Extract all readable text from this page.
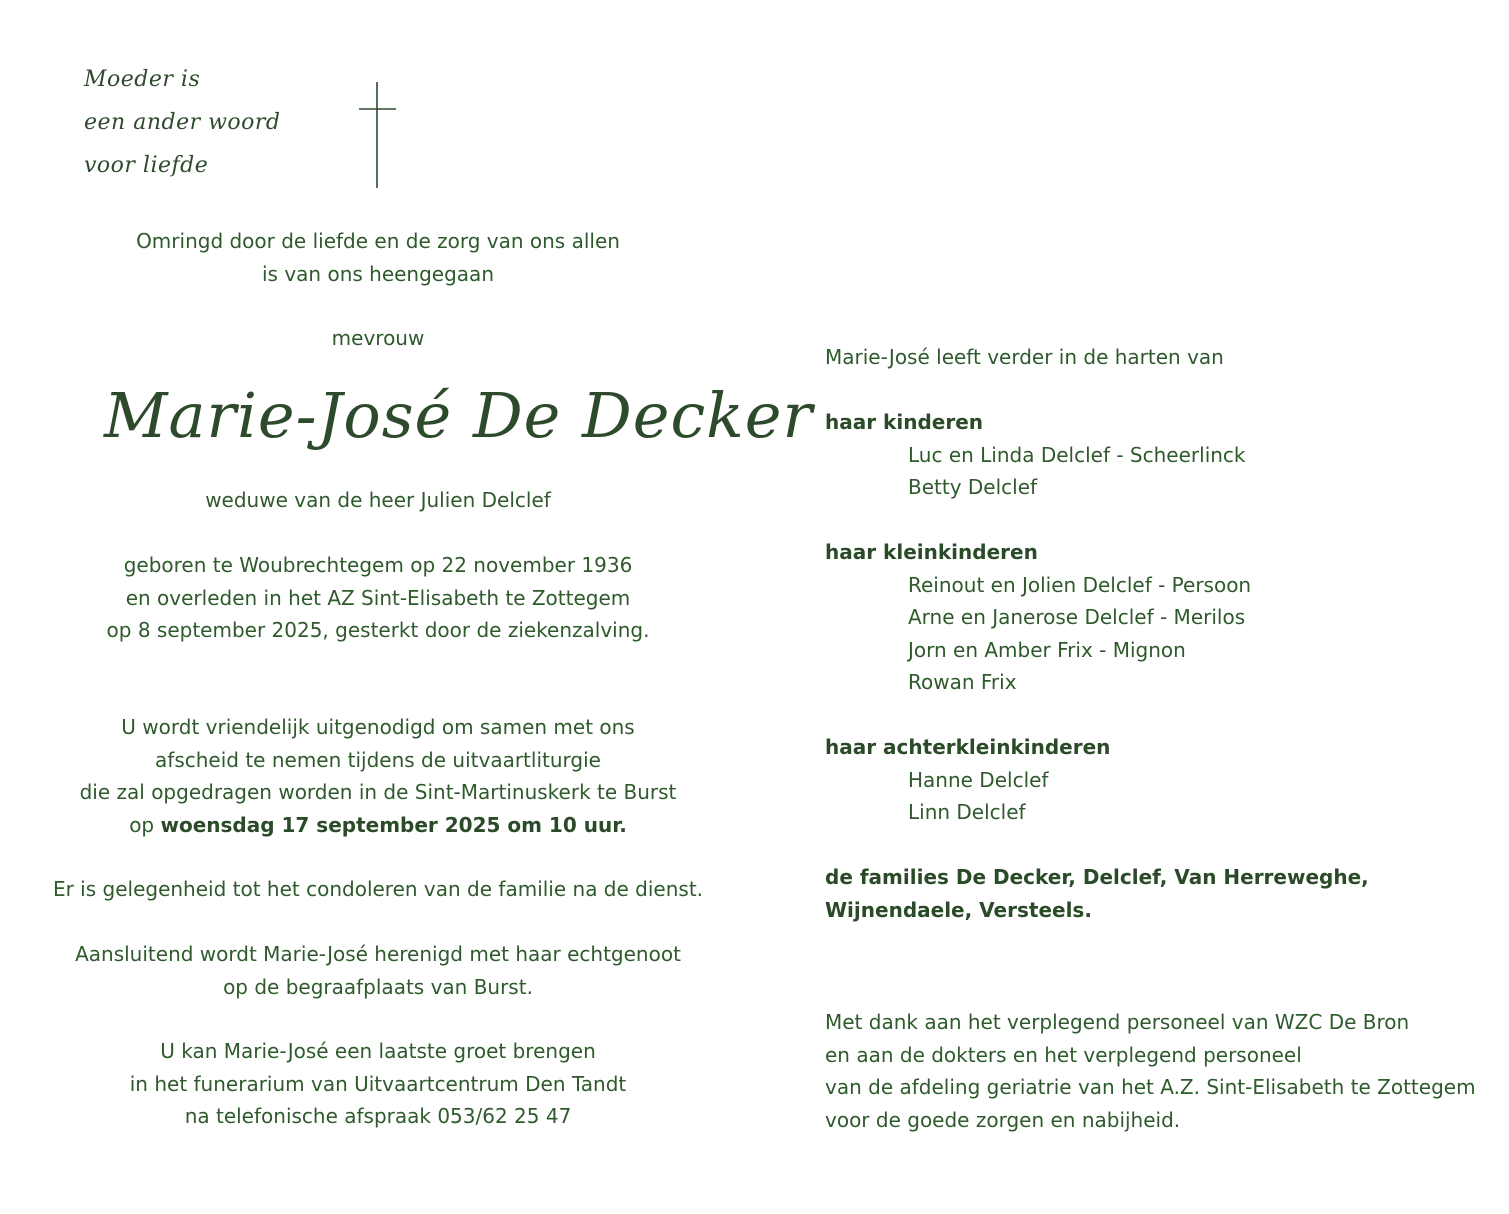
Moeder is
een ander woord
voor liefde
Omringd door de liefde en de zorg van ons allen
is van ons heengegaan
mevrouw
Marie-José De Decker
weduwe van de heer Julien Delclef
geboren te Woubrechtegem op 22 november 1936
en overleden in het AZ Sint-Elisabeth te Zottegem
op 8 september 2025, gesterkt door de ziekenzalving.
U wordt vriendelijk uitgenodigd om samen met ons
afscheid te nemen tijdens de uitvaartliturgie
die zal opgedragen worden in de Sint-Martinuskerk te Burst
op woensdag 17 september 2025 om 10 uur.
Er is gelegenheid tot het condoleren van de familie na de dienst.
Aansluitend wordt Marie-José herenigd met haar echtgenoot
op de begraafplaats van Burst.
U kan Marie-José een laatste groet brengen
in het funerarium van Uitvaartcentrum Den Tandt
na telefonische afspraak 053/62 25 47
Marie-José leeft verder in de harten van
haar kinderen
Luc en Linda Delclef - Scheerlinck
Betty Delclef
haar kleinkinderen
Reinout en Jolien Delclef - Persoon
Arne en Janerose Delclef - Merilos
Jorn en Amber Frix - Mignon
Rowan Frix
haar achterkleinkinderen
Hanne Delclef
Linn Delclef
de families De Decker, Delclef, Van Herreweghe,
Wijnendaele, Versteels.
Met dank aan het verplegend personeel van WZC De Bron
en aan de dokters en het verplegend personeel
van de afdeling geriatrie van het A.Z. Sint-Elisabeth te Zottegem
voor de goede zorgen en nabijheid.
